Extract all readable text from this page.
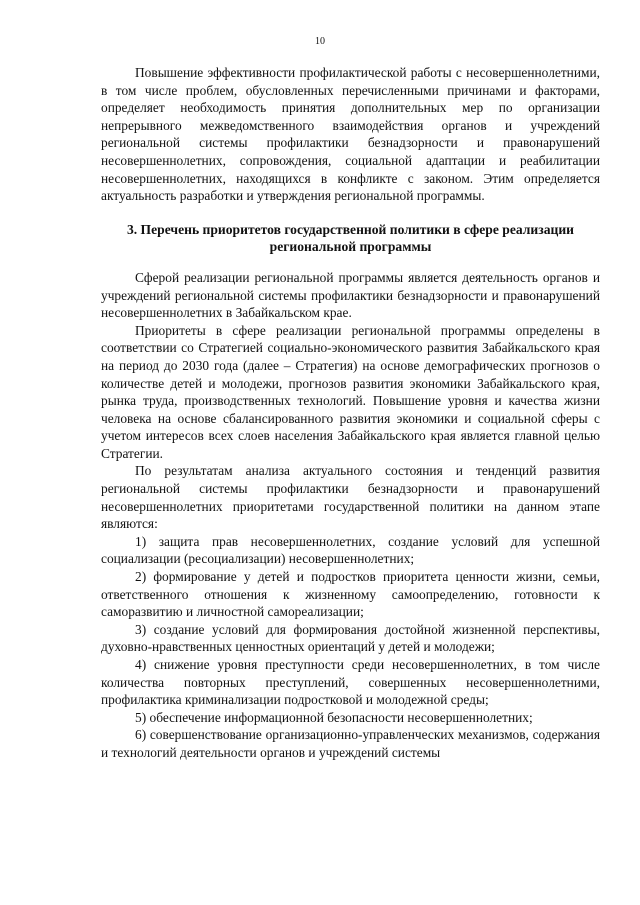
10

Повышение эффективности профилактической работы с несовершеннолетними, в том числе проблем, обусловленных перечисленными причинами и факторами, определяет необходимость принятия дополнительных мер по организации непрерывного межведомственного взаимодействия органов и учреждений региональной системы профилактики безнадзорности и правонарушений несовершеннолетних, сопровождения, социальной адаптации и реабилитации несовершеннолетних, находящихся в конфликте с законом. Этим определяется актуальность разработки и утверждения региональной программы.

3. Перечень приоритетов государственной политики в сфере реализации региональной программы

Сферой реализации региональной программы является деятельность органов и учреждений региональной системы профилактики безнадзорности и правонарушений несовершеннолетних в Забайкальском крае.

Приоритеты в сфере реализации региональной программы определены в соответствии со Стратегией социально-экономического развития Забайкальского края на период до 2030 года (далее – Стратегия) на основе демографических прогнозов о количестве детей и молодежи, прогнозов развития экономики Забайкальского края, рынка труда, производственных технологий. Повышение уровня и качества жизни человека на основе сбалансированного развития экономики и социальной сферы с учетом интересов всех слоев населения Забайкальского края является главной целью Стратегии.

По результатам анализа актуального состояния и тенденций развития региональной системы профилактики безнадзорности и правонарушений несовершеннолетних приоритетами государственной политики на данном этапе являются:

1) защита прав несовершеннолетних, создание условий для успешной социализации (ресоциализации) несовершеннолетних;

2) формирование у детей и подростков приоритета ценности жизни, семьи, ответственного отношения к жизненному самоопределению, готовности к саморазвитию и личностной самореализации;

3) создание условий для формирования достойной жизненной перспективы, духовно-нравственных ценностных ориентаций у детей и молодежи;

4) снижение уровня преступности среди несовершеннолетних, в том числе количества повторных преступлений, совершенных несовершеннолетними, профилактика криминализации подростковой и молодежной среды;

5) обеспечение информационной безопасности несовершеннолетних;

6) совершенствование организационно-управленческих механизмов, содержания и технологий деятельности органов и учреждений системы
